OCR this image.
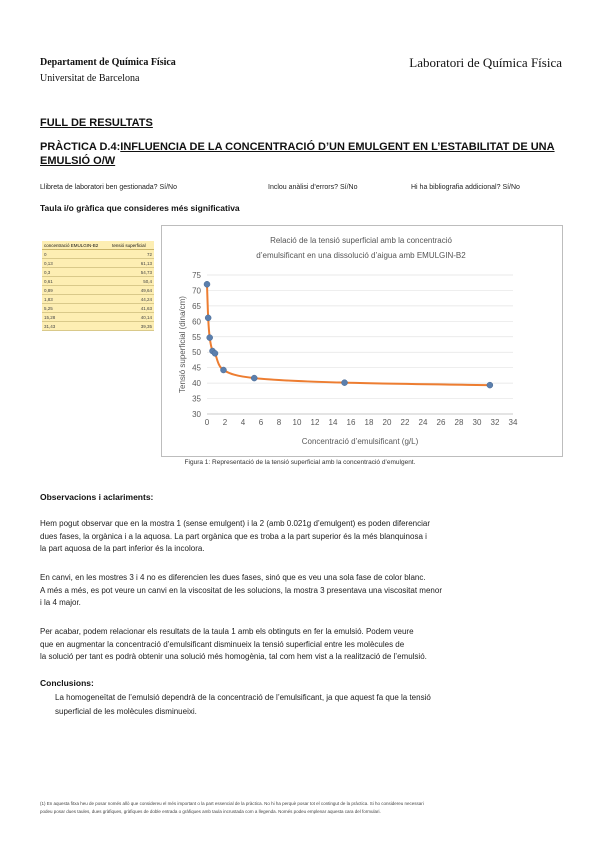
Departament de Química Física
Universitat de Barcelona
Laboratori de Química Física
FULL DE RESULTATS
PRÀCTICA D.4:INFLUENCIA DE LA CONCENTRACIÓ D’UN EMULGENT EN L’ESTABILITAT DE UNA EMULSIÓ O/W
Llibreta de laboratori ben gestionada? Sí/No	Inclou anàlisi d’errors? Sí/No	Hi ha bibliografia addicional? Sí/No
Taula i/o gràfica que consideres més significativa
concentració EMULGIN-B2	tensió superficial
0	72
0,13	61,13
0,3	54,73
0,61	50,4
0,89	49,64
1,83	44,24
5,25	41,63
15,28	40,14
31,43	39,35
Relació de la tensió superficial amb la concentració
d’emulsificant en una dissolució d’aigua amb EMULGIN-B2
30
35
40
45
50
55
60
65
70
75
0 2 4 6 8 10 12 14 16 18 20 22 24 26 28 30 32 34
Concentració d’emulsificant (g/L)
Tensió superficial (dina/cm)
Figura 1: Representació de la tensió superficial amb la concentració d’emulgent.
Observacions i aclariments:

Hem pogut observar que en la mostra 1 (sense emulgent) i la 2 (amb 0.021g d’emulgent) es poden diferenciar

dues fases, la orgànica i a la aquosa. La part orgànica que es troba a la part superior és la més blanquinosa i

la part aquosa de la part inferior és la incolora.

En canvi, en les mostres 3 i 4 no es diferencien les dues fases, sinó que es veu una sola fase de color blanc.

A més a més, es pot veure un canvi en la viscositat de les solucions, la mostra 3 presentava una viscositat menor

i la 4 major.

Per acabar, podem relacionar els resultats de la taula 1 amb els obtinguts en fer la emulsió. Podem veure

que en augmentar la concentració d’emulsificant disminueix la tensió superficial entre les molècules de

la solució per tant es podrà obtenir una solució més homogènia, tal com hem vist a la realització de l’emulsió.

Conclusions:
La homogeneïtat de l’emulsió dependrà de la concentració de l’emulsificant, ja que aquest fa que la tensió
superficial de les molècules disminueixi.
(1) En aquesta fitxa heu de posar només allò que considereu el més important o la part essencial de la pràctica. No hi ha perquè posar tot el contingut de la pràctica. Si ho considereu necessari
podeu posar dues taules, dues gràfiques, gràfiques de doble entrada o gràfiques amb taula incrustada com a llegenda. Només podeu emplenar aquesta cara del formulari.
